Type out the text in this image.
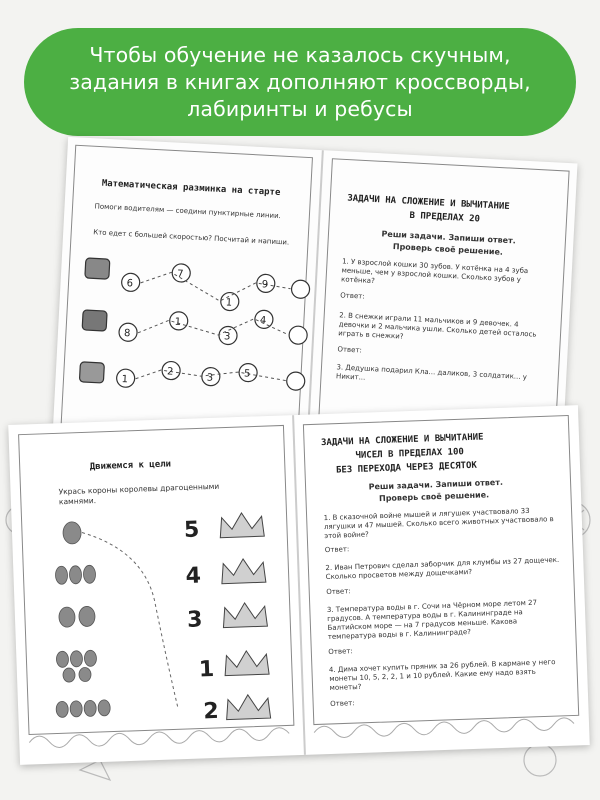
Чтобы обучение не казалось скучным,
задания в книгах дополняют кроссворды,
лабиринты и ребусы
Математическая разминка на старте
Помоги водителям — соедини пунктирные линии.
Кто едет с большей скоростью? Посчитай и напиши.
6
7
1
9
8
1
3
4
1
2
3	5
ЗАДАЧИ НА СЛОЖЕНИЕ И ВЫЧИТАНИЕ
В ПРЕДЕЛАХ 20
Реши задачи. Запиши ответ.
Проверь своё решение.
1. У взрослой кошки 30 зубов. У котёнка на 4 зуба меньше, чем у взрослой кошки. Сколько зубов у котёнка?
Ответ:
2. В снежки играли 11 мальчиков и 9 девочек. 4 девочки и 2 мальчика ушли. Сколько детей осталось играть в снежки?
Ответ:
3. Дедушка подарил Кла... даликов, 3 солдатик... у Никит...
Движемся к цели
Укрась короны королевы драгоценными камнями.
5
4
3
1
2
ЗАДАЧИ НА СЛОЖЕНИЕ И ВЫЧИТАНИЕ
ЧИСЕЛ В ПРЕДЕЛАХ 100
БЕЗ ПЕРЕХОДА ЧЕРЕЗ ДЕСЯТОК
Реши задачи. Запиши ответ.
Проверь своё решение.
1. В сказочной войне мышей и лягушек участвовало 33 лягушки и 47 мышей. Сколько всего животных участвовало в этой войне?
Ответ:
2. Иван Петрович сделал заборчик для клумбы из 27 дощечек. Сколько просветов между дощечками?
Ответ:
3. Температура воды в г. Сочи на Чёрном море летом 27 градусов. А температура воды в г. Калининграде на Балтийском море — на 7 градусов меньше. Какова температура воды в г. Калининграде?
Ответ:
4. Дима хочет купить пряник за 26 рублей. В кармане у него монеты 10, 5, 2, 2, 1 и 10 рублей. Какие ему надо взять монеты?
Ответ:
